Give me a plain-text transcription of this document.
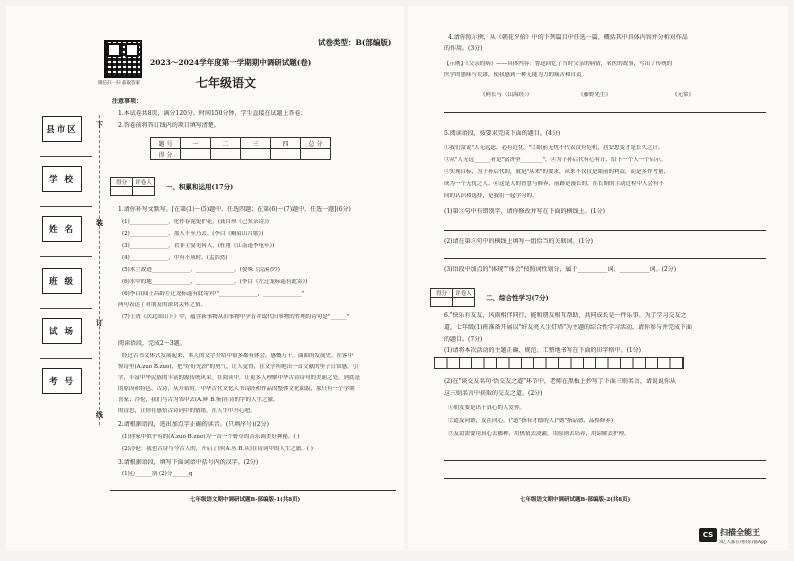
微信扫一扫 获取答案
试卷类型：B(部编版)
2023～2024学年度第一学期期中调研试题(卷)
七年级语文
注意事项：
1.本试卷共8页，满分120分，时间150分钟，学生直接在试题上答卷；
2.答卷前将答订线内的项目填写清楚。
题 号	一	二	三	四	总 分
得 分					
县市区
学 校
姓 名
班 级
试 场
考 号
下
装
订
线
得分	评卷人
	一、积累和运用(17分)
1.请你补写文默写。[在第(1)～(5)题中，任选四题；在第(6)～(7)题中，任选一题](6分)
(1)______________，化作春泥更护花。(龚自珍《己亥杂诗》)
(2)______________，那人不至乃去。(李白《峨眉山月歌》)
(3)______________，君非主宴见何人。(杜甫《江南逢李龟年》)
(4)______________，中有不成时。(孟浩然)
(5)木兰故迹______________，______________。(晏殊《浣溪沙》)
(6)水中的地______________，______________。(李白《左迁龙标遥有此寄》)
(6)李白(闻王昌龄左迁龙标遥有此寄)中"______________，______________"
两句表达了对朋友的深切关怀之情。
(7)王湾《次北固山下》中，蕴含新事物从旧事物中孕育并取代旧事物的哲理的诗句是"______"
阅读语段，完成2～3题。
经过古书文体式发展起来，本人的文字介绍中很多都有体会，感慨万千。曲曲的发展史，在客中
悼诗里(A.zuò B.zùo)，把"好好先治"的勇气，让人觉得，在文学所绝出一首文献的里子日常感，引
学，丰富中华民族的丰富的源传统风采。在阅读中，让更多人理解中华古诗诗句的美丽之处，到底是
的原因和特色。古诗，从开始时，中华古代文化人书诗经和作品的整体文化面貌，那只有一个学期
喜家；冷伦，我们与古为邻中去(A.鲜 B.鉴)在诗的字的人生之旅。
的诗思，让你在感悟古诗词中的情绪，在人生中开心吧。
2.请根据语段，选出加点字正确的读音。(只填序号)(2分)
(1)你家中似乎有的(A.zuò B.zùo)为一首一个野草的音乐调美好神秘。( )
(2)冷伦：我也古诗与今古人的，开启了你(A.丛 B.从)在诗词中的人生之旅。( )
3.请根据语段，填写下面词语中括号内的汉字。(2分)
(1)心______别 (2)分______q
七年级语文期中调研试题B-部编版-1(共8页)
4.请你照示例，从《朝花夕拾》中的下列篇目中任选一篇，概括其中具体内容并分析对作品
的作用。(3分)
【示例】《父亲的病》——具体内容：鲁迅回忆了当时父亲的病情，名医的故事，写出了传统的
医学的愚昧与荒谬，使我感到一种无能为力的痛苦和自责。
《阿长与〈山海经〉》	《藤野先生》	《无常》
5.阅读语段，按要求完成下面的题目。(4分)
①我们常说"人无远虑，必有近忧。"②眼前无忧不代表没有危机，居安思变才是长久之计。
③从"人无远______者是"富贵坚________"，④为子孙后代有心有计，给下一个人一个启示。
⑤实现目标，为子孙后代的，就是"从来"的要求，从来不仅仅是眼前的利益，而是多作考量，
成为一个无忧之人。⑥这是人的智慧与修养，前路是漫长的，在长期的主动过程中人会有不
同的认识和选择，是我们一起学习的。
(1)第③句中有错别字，请你修改并写在下面的横线上。(1分)
(2)请在第⑤句中的横线上填写一组恰当的关联词。(1分)
(3)语段中加点的"体现""体会"按照词性划分，属于__________词、__________词。(2分)
得分	评卷人
	二、综合性学习(7分)
6."快乐有友友，风雨相伴同行，能和朋友相互帮助，共同成长是一件乐事。为了学习交友之
道，七年级(1)班准备开展以"好友亮人生灯塔"为主题的综合性学习活动，请你参与并完成下面
的题目。(7分)
(1)请将本次活动的主题正确、规范、工整地书写在下面的田字格中。(1分)
(2)在"谈交友名句·悟交友之道"环节中，老师在黑板上抄写了下面三则名言，请说说你从
这三则名言中获取的交友之道。(2分)
①朋友要是出于真心的人爱你。
②道友同德，友在同心。("道"指有才德的人)"德"指品德、品格修养)
③友谊需要用真心去播种，用热情去浇灌，用原则去培养，用谅解去护理。
七年级语文期中调研试题B-部编版-2(共8页)
CS 扫描全能王
3亿人都在用的扫描App
